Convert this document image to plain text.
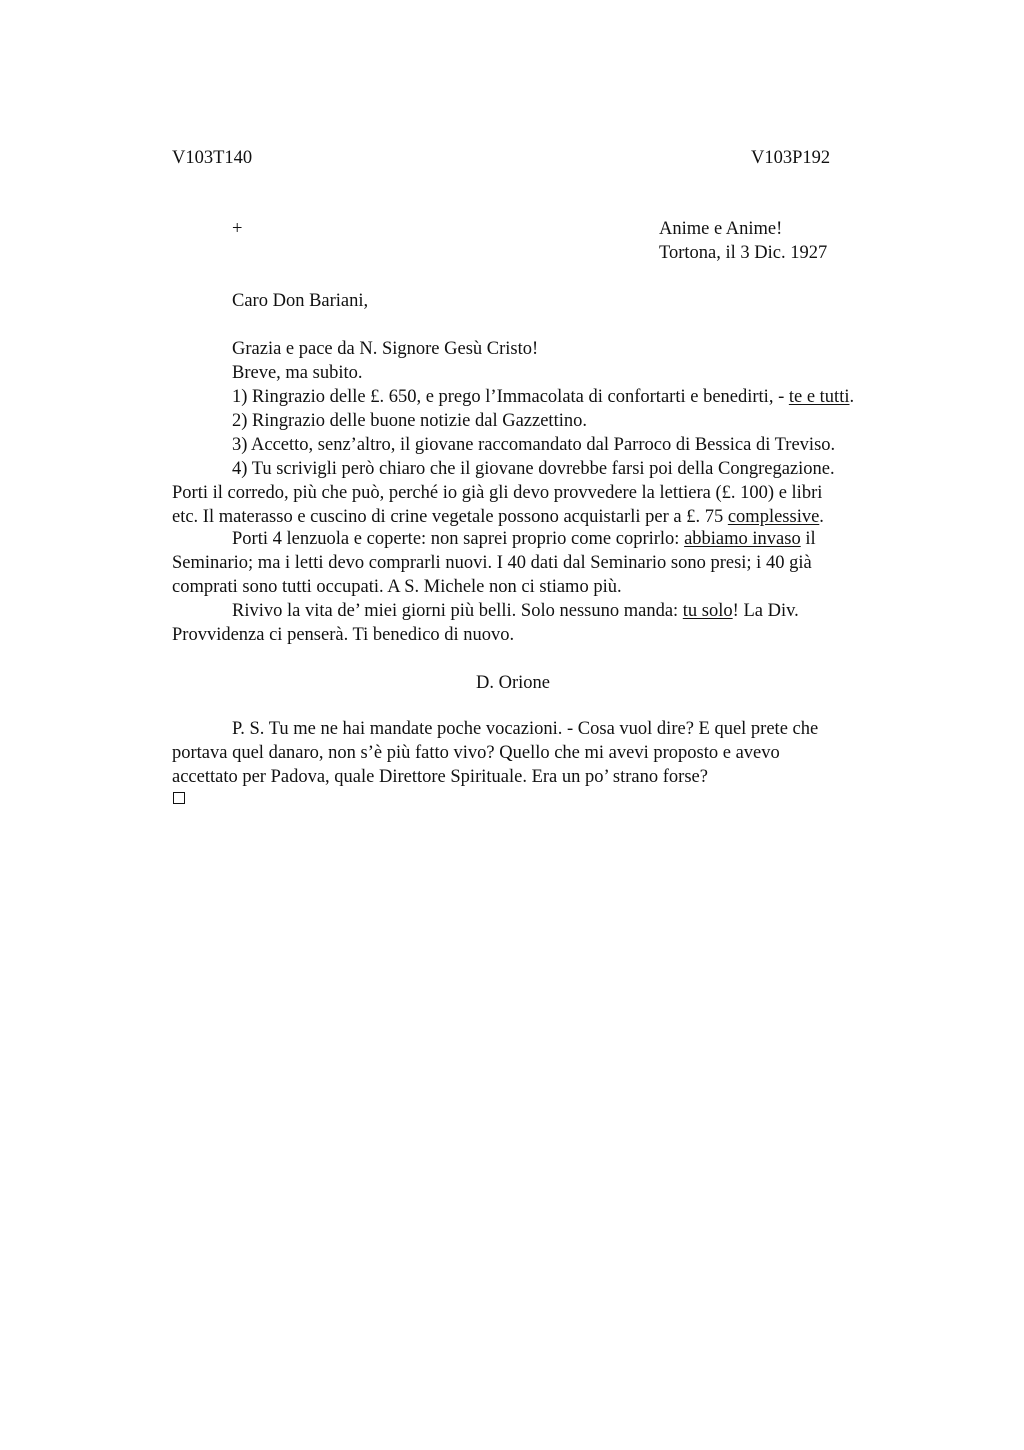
V103T140	V103P192
+	Anime e Anime!
Tortona, il 3 Dic. 1927
Caro Don Bariani,
Grazia e pace da N. Signore Gesù Cristo!
Breve, ma subito.
1) Ringrazio delle £. 650, e prego l’Immacolata di confortarti e benedirti, - te e tutti.
2) Ringrazio delle buone notizie dal Gazzettino.
3) Accetto, senz’altro, il giovane raccomandato dal Parroco di Bessica di Treviso.
4) Tu scrivigli però chiaro che il giovane dovrebbe farsi poi della Congregazione.
Porti il corredo, più che può, perché io già gli devo provvedere la lettiera (£. 100) e libri
etc. Il materasso e cuscino di crine vegetale possono acquistarli per a £. 75 complessive.
Porti 4 lenzuola e coperte: non saprei proprio come coprirlo: abbiamo invaso il
Seminario; ma i letti devo comprarli nuovi. I 40 dati dal Seminario sono presi; i 40 già
comprati sono tutti occupati. A S. Michele non ci stiamo più.
Rivivo la vita de’ miei giorni più belli. Solo nessuno manda: tu solo! La Div.
Provvidenza ci penserà. Ti benedico di nuovo.
D. Orione
P. S. Tu me ne hai mandate poche vocazioni. - Cosa vuol dire? E quel prete che
portava quel danaro, non s’è più fatto vivo? Quello che mi avevi proposto e avevo
accettato per Padova, quale Direttore Spirituale. Era un po’ strano forse?
